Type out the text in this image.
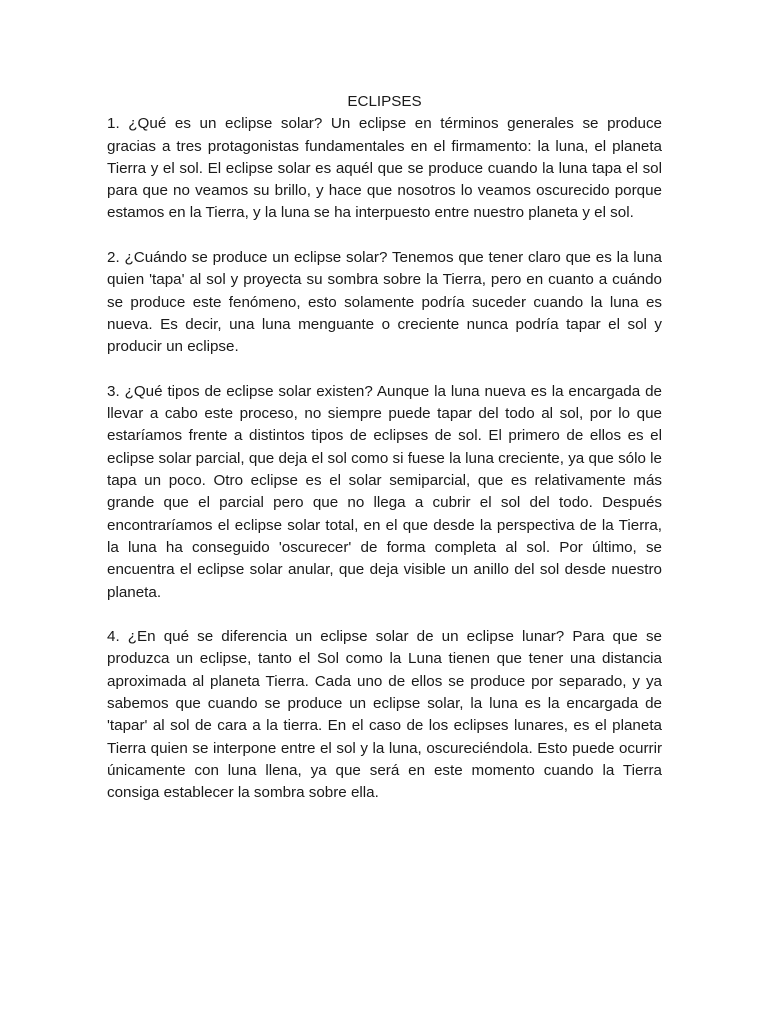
ECLIPSES

1. ¿Qué es un eclipse solar? Un eclipse en términos generales se produce gracias a tres protagonistas fundamentales en el firmamento: la luna, el planeta Tierra y el sol. El eclipse solar es aquél que se produce cuando la luna tapa el sol para que no veamos su brillo, y hace que nosotros lo veamos oscurecido porque estamos en la Tierra, y la luna se ha interpuesto entre nuestro planeta y el sol.

2. ¿Cuándo se produce un eclipse solar? Tenemos que tener claro que es la luna quien 'tapa' al sol y proyecta su sombra sobre la Tierra, pero en cuanto a cuándo se produce este fenómeno, esto solamente podría suceder cuando la luna es nueva. Es decir, una luna menguante o creciente nunca podría tapar el sol y producir un eclipse.

3. ¿Qué tipos de eclipse solar existen? Aunque la luna nueva es la encargada de llevar a cabo este proceso, no siempre puede tapar del todo al sol, por lo que estaríamos frente a distintos tipos de eclipses de sol. El primero de ellos es el eclipse solar parcial, que deja el sol como si fuese la luna creciente, ya que sólo le tapa un poco. Otro eclipse es el solar semiparcial, que es relativamente más grande que el parcial pero que no llega a cubrir el sol del todo. Después encontraríamos el eclipse solar total, en el que desde la perspectiva de la Tierra, la luna ha conseguido 'oscurecer' de forma completa al sol. Por último, se encuentra el eclipse solar anular, que deja visible un anillo del sol desde nuestro planeta.

4. ¿En qué se diferencia un eclipse solar de un eclipse lunar? Para que se produzca un eclipse, tanto el Sol como la Luna tienen que tener una distancia aproximada al planeta Tierra. Cada uno de ellos se produce por separado, y ya sabemos que cuando se produce un eclipse solar, la luna es la encargada de 'tapar' al sol de cara a la tierra. En el caso de los eclipses lunares, es el planeta Tierra quien se interpone entre el sol y la luna, oscureciéndola. Esto puede ocurrir únicamente con luna llena, ya que será en este momento cuando la Tierra consiga establecer la sombra sobre ella.
